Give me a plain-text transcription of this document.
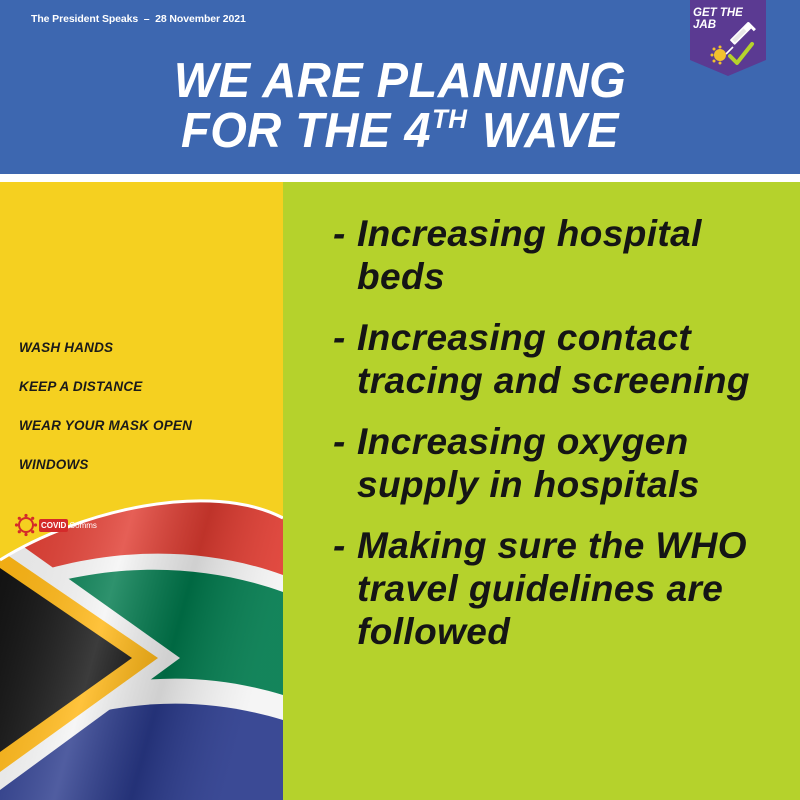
The President Speaks  –  28 November 2021
WE ARE PLANNING
FOR THE 4TH WAVE
GET THE
JAB
WASH HANDS
KEEP A DISTANCE
WEAR YOUR MASK OPEN
WINDOWS
COVID Comms
- Increasing hospital beds
- Increasing contact tracing and screening
- Increasing oxygen supply in hospitals
- Making sure the WHO travel guidelines are followed
